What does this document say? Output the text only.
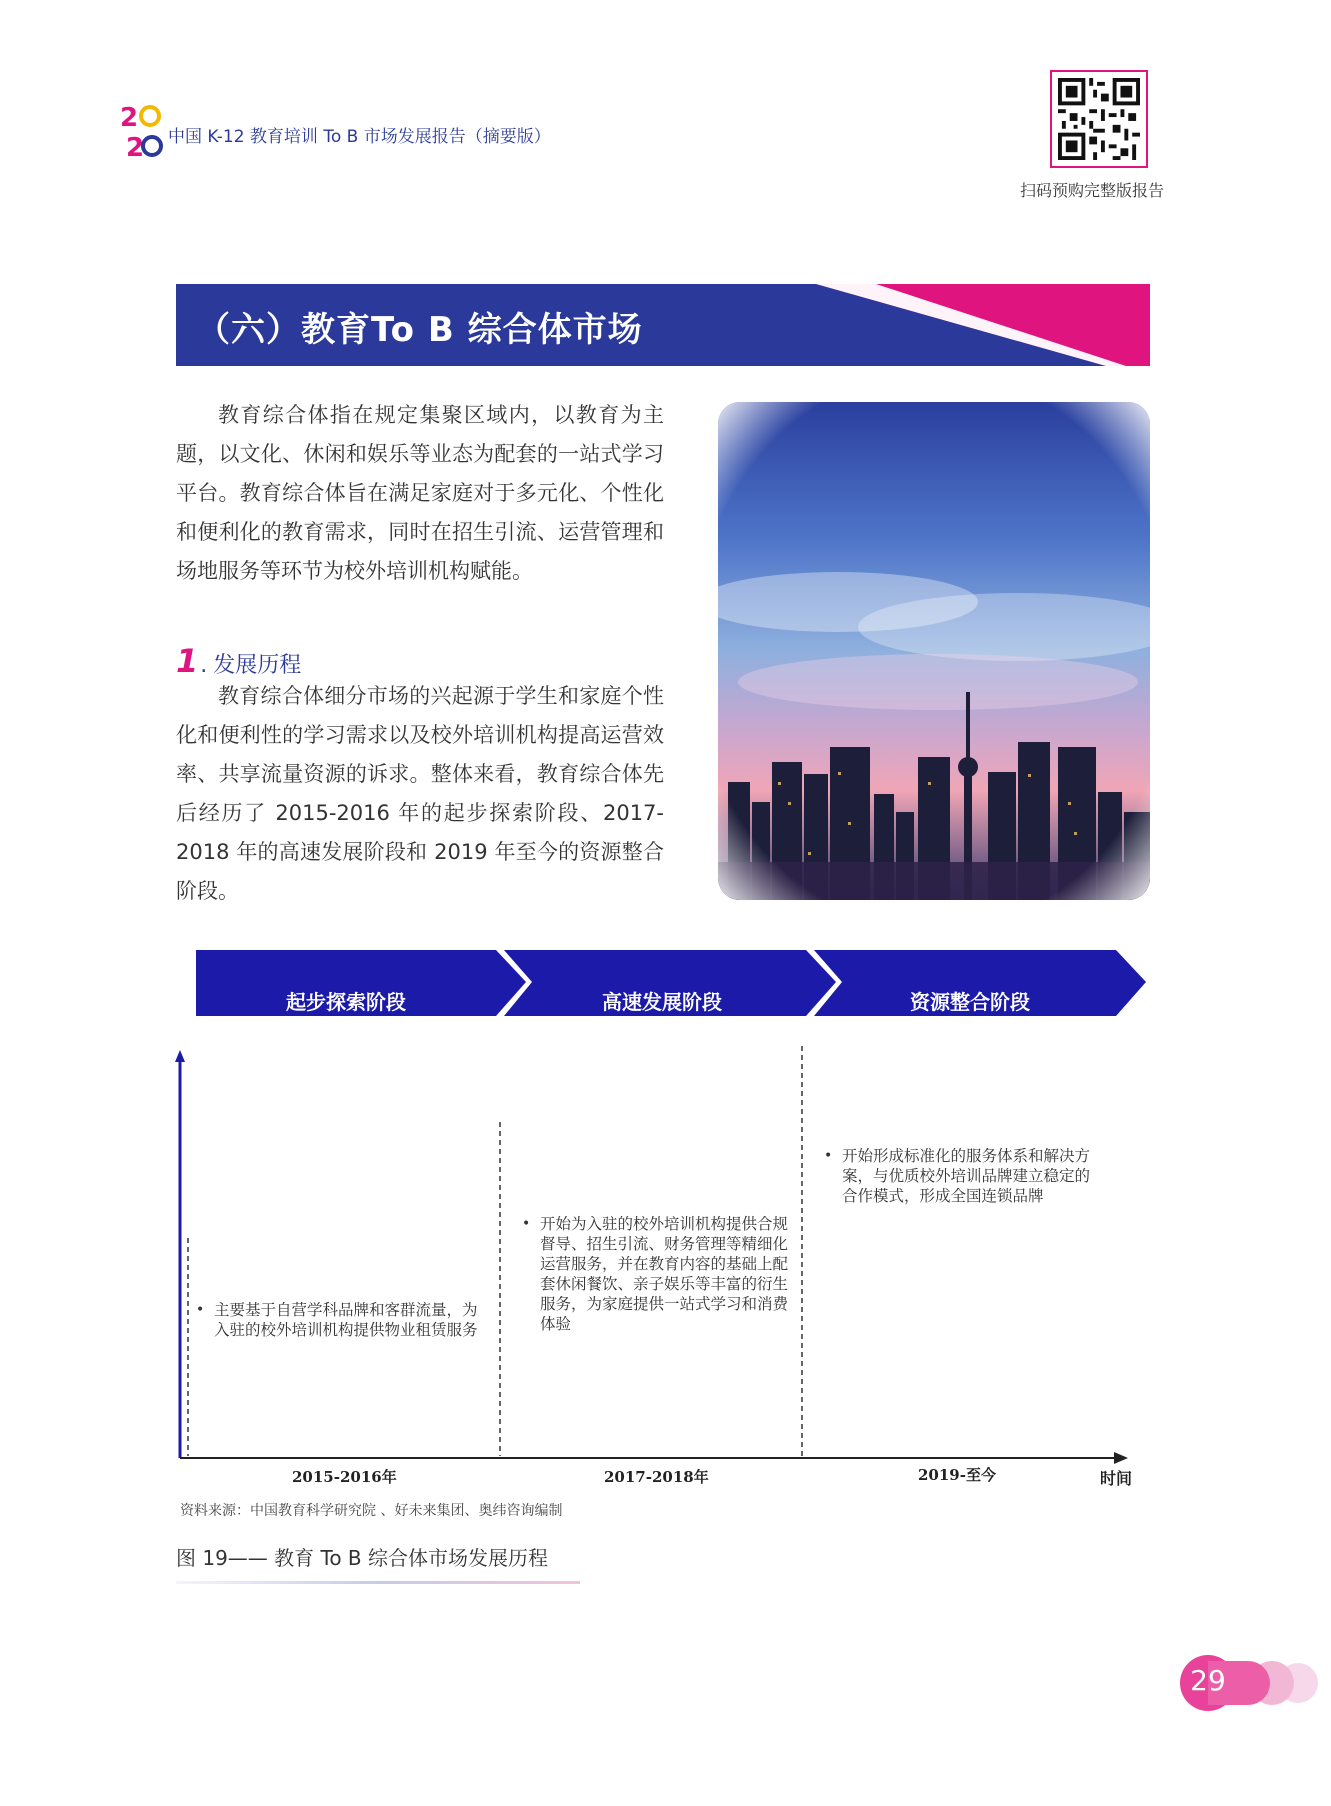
2
2 中国 K-12 教育培训 To B 市场发展报告（摘要版）
扫码预购完整版报告
（六）教育To B 综合体市场
教育综合体指在规定集聚区域内，以教育为主题，以文化、休闲和娱乐等业态为配套的一站式学习平台。教育综合体旨在满足家庭对于多元化、个性化和便利化的教育需求，同时在招生引流、运营管理和场地服务等环节为校外培训机构赋能。
1. 发展历程
教育综合体细分市场的兴起源于学生和家庭个性化和便利性的学习需求以及校外培训机构提高运营效率、共享流量资源的诉求。整体来看，教育综合体先后经历了 2015-2016 年的起步探索阶段、2017-2018 年的高速发展阶段和 2019 年至今的资源整合阶段。
起步探索阶段	高速发展阶段	资源整合阶段
• 主要基于自营学科品牌和客群流量，为入驻的校外培训机构提供物业租赁服务
• 开始为入驻的校外培训机构提供合规督导、招生引流、财务管理等精细化运营服务，并在教育内容的基础上配套休闲餐饮、亲子娱乐等丰富的衍生服务，为家庭提供一站式学习和消费体验
• 开始形成标准化的服务体系和解决方案，与优质校外培训品牌建立稳定的合作模式，形成全国连锁品牌
2015-2016年	2017-2018年	2019-至今	时间
资料来源：中国教育科学研究院 、好未来集团、奥纬咨询编制
图 19—— 教育 To B 综合体市场发展历程
29
